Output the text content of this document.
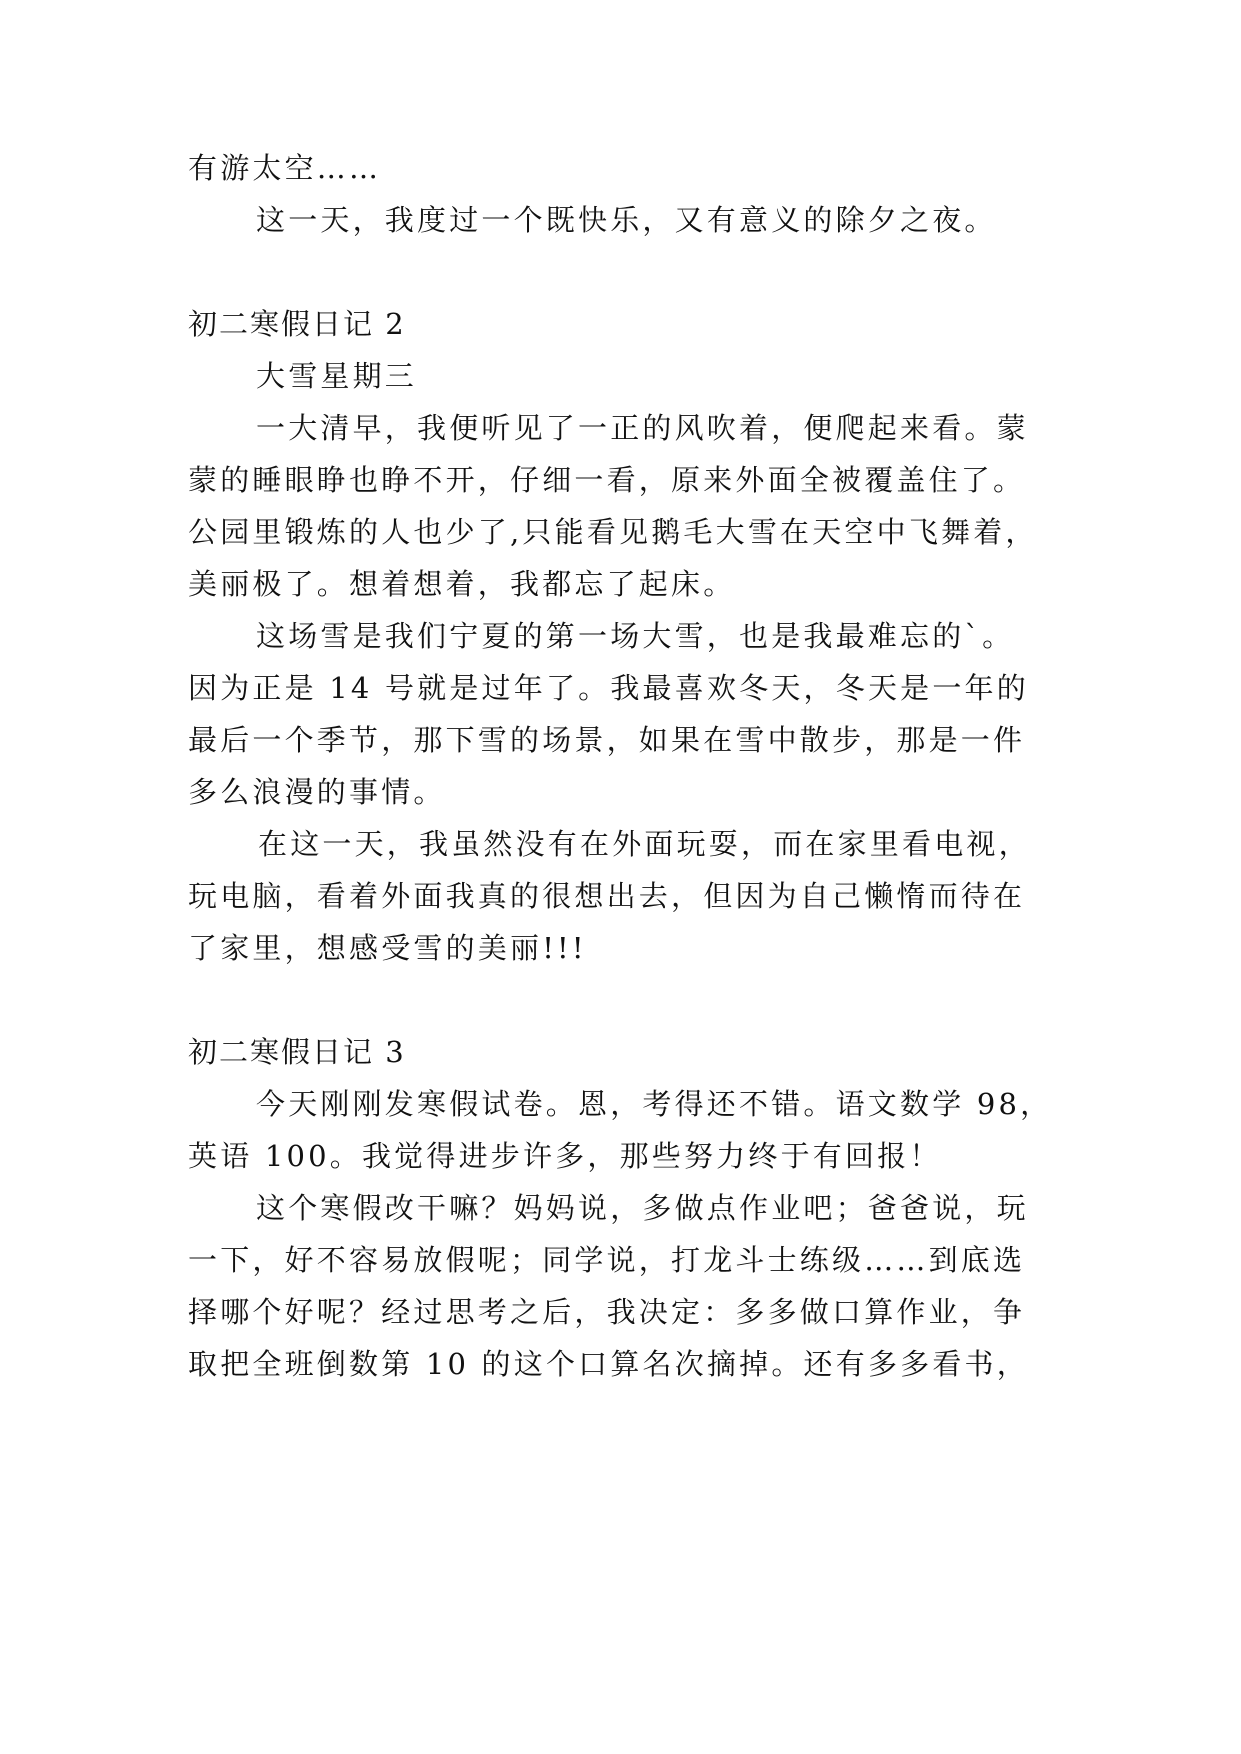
有游太空……

这一天，我度过一个既快乐，又有意义的除夕之夜。

初二寒假日记 2

大雪星期三

一大清早，我便听见了一正的风吹着，便爬起来看。蒙

蒙的睡眼睁也睁不开，仔细一看，原来外面全被覆盖住了。

公园里锻炼的人也少了,只能看见鹅毛大雪在天空中飞舞着，

美丽极了。想着想着，我都忘了起床。

这场雪是我们宁夏的第一场大雪，也是我最难忘的`。

因为正是 14 号就是过年了。我最喜欢冬天，冬天是一年的

最后一个季节，那下雪的场景，如果在雪中散步，那是一件

多么浪漫的事情。

在这一天，我虽然没有在外面玩耍，而在家里看电视，

玩电脑，看着外面我真的很想出去，但因为自己懒惰而待在

了家里，想感受雪的美丽!!!

初二寒假日记 3

今天刚刚发寒假试卷。恩，考得还不错。语文数学 98，

英语 100。我觉得进步许多，那些努力终于有回报！

这个寒假改干嘛？妈妈说，多做点作业吧；爸爸说，玩

一下，好不容易放假呢；同学说，打龙斗士练级……到底选

择哪个好呢？经过思考之后，我决定：多多做口算作业，争

取把全班倒数第 10 的这个口算名次摘掉。还有多多看书，
